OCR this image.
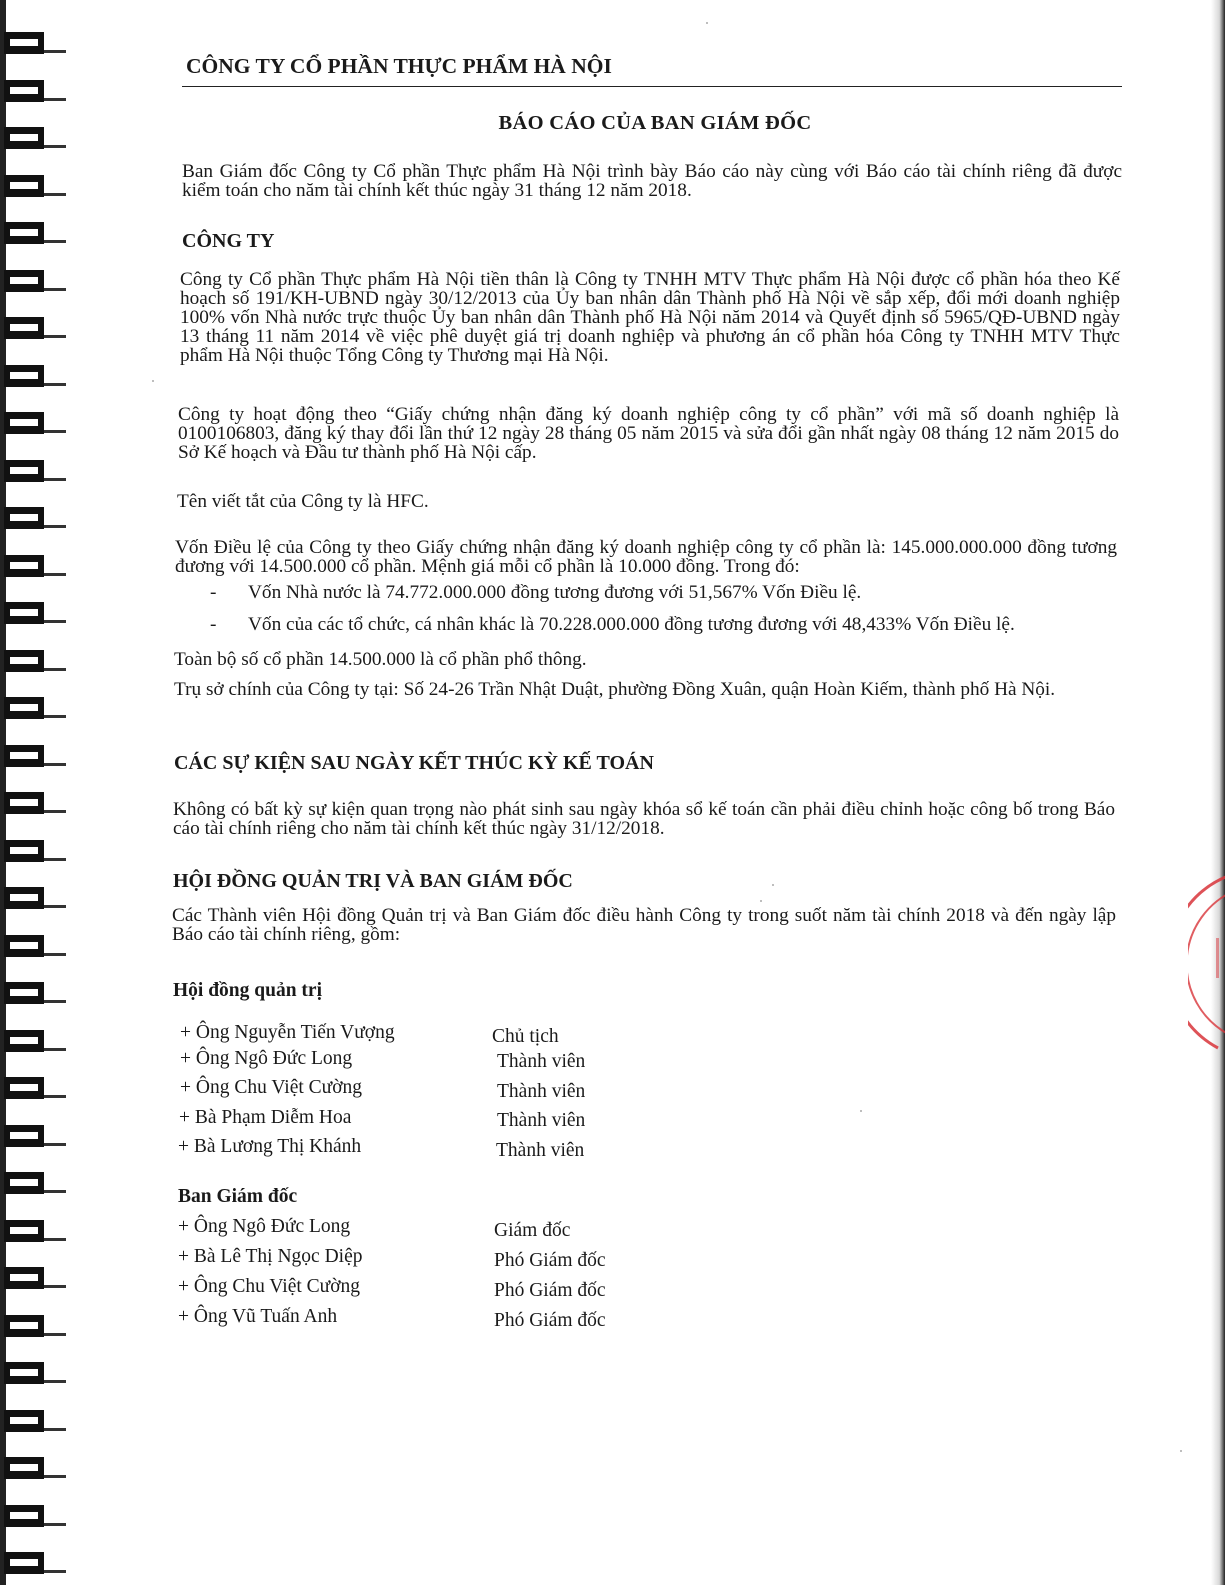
CÔNG TY CỔ PHẦN THỰC PHẨM HÀ NỘI
BÁO CÁO CỦA BAN GIÁM ĐỐC

Ban Giám đốc Công ty Cổ phần Thực phẩm Hà Nội trình bày Báo cáo này cùng với Báo cáo tài chính riêng đã được kiểm toán cho năm tài chính kết thúc ngày 31 tháng 12 năm 2018.

CÔNG TY

Công ty Cổ phần Thực phẩm Hà Nội tiền thân là Công ty TNHH MTV Thực phẩm Hà Nội được cổ phần hóa theo Kế hoạch số 191/KH-UBND ngày 30/12/2013 của Ủy ban nhân dân Thành phố Hà Nội về sắp xếp, đổi mới doanh nghiệp 100% vốn Nhà nước trực thuộc Ủy ban nhân dân Thành phố Hà Nội năm 2014 và Quyết định số 5965/QĐ-UBND ngày 13 tháng 11 năm 2014 về việc phê duyệt giá trị doanh nghiệp và phương án cổ phần hóa Công ty TNHH MTV Thực phẩm Hà Nội thuộc Tổng Công ty Thương mại Hà Nội.

Công ty hoạt động theo “Giấy chứng nhận đăng ký doanh nghiệp công ty cổ phần” với mã số doanh nghiệp là 0100106803, đăng ký thay đổi lần thứ 12 ngày 28 tháng 05 năm 2015 và sửa đổi gần nhất ngày 08 tháng 12 năm 2015 do Sở Kế hoạch và Đầu tư thành phố Hà Nội cấp.

Tên viết tắt của Công ty là HFC.

Vốn Điều lệ của Công ty theo Giấy chứng nhận đăng ký doanh nghiệp công ty cổ phần là: 145.000.000.000 đồng tương đương với 14.500.000 cổ phần. Mệnh giá mỗi cổ phần là 10.000 đồng. Trong đó:

- Vốn Nhà nước là 74.772.000.000 đồng tương đương với 51,567% Vốn Điều lệ.
- Vốn của các tổ chức, cá nhân khác là 70.228.000.000 đồng tương đương với 48,433% Vốn Điều lệ.

Toàn bộ số cổ phần 14.500.000 là cổ phần phổ thông.

Trụ sở chính của Công ty tại: Số 24-26 Trần Nhật Duật, phường Đồng Xuân, quận Hoàn Kiếm, thành phố Hà Nội.

CÁC SỰ KIỆN SAU NGÀY KẾT THÚC KỲ KẾ TOÁN

Không có bất kỳ sự kiện quan trọng nào phát sinh sau ngày khóa sổ kế toán cần phải điều chỉnh hoặc công bố trong Báo cáo tài chính riêng cho năm tài chính kết thúc ngày 31/12/2018.

HỘI ĐỒNG QUẢN TRỊ VÀ BAN GIÁM ĐỐC

Các Thành viên Hội đồng Quản trị và Ban Giám đốc điều hành Công ty trong suốt năm tài chính 2018 và đến ngày lập Báo cáo tài chính riêng, gồm:

Hội đồng quản trị
+ Ông Nguyễn Tiến Vượng	Chủ tịch
+ Ông Ngô Đức Long	Thành viên
+ Ông Chu Việt Cường	Thành viên
+ Bà Phạm Diễm Hoa	Thành viên
+ Bà Lương Thị Khánh	Thành viên
Ban Giám đốc
+ Ông Ngô Đức Long	Giám đốc
+ Bà Lê Thị Ngọc Diệp	Phó Giám đốc
+ Ông Chu Việt Cường	Phó Giám đốc
+ Ông Vũ Tuấn Anh	Phó Giám đốc
